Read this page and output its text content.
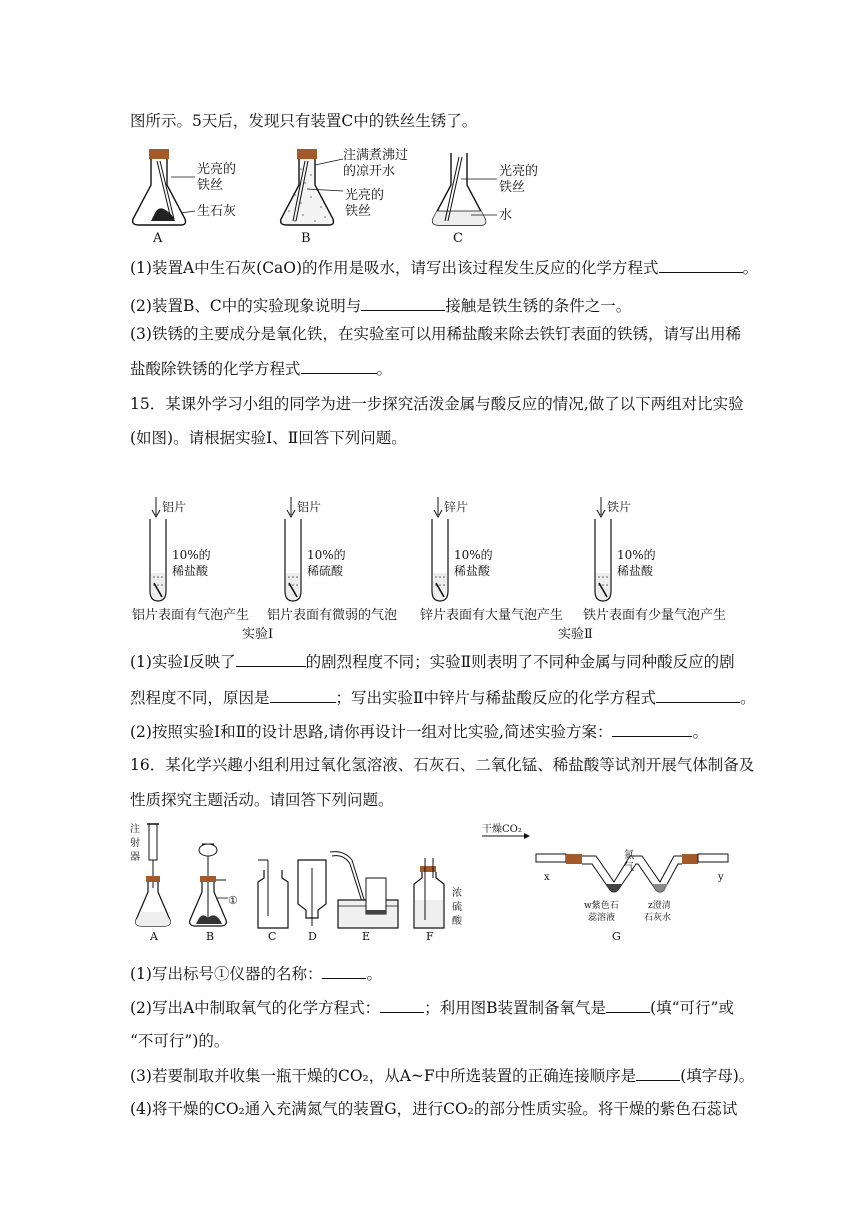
图所示。5天后，发现只有装置C中的铁丝生锈了。
光亮的
铁丝
生石灰
A
注满煮沸过
的凉开水
光亮的
铁丝
B
光亮的
铁丝
水
C
(1)装置A中生石灰(CaO)的作用是吸水，请写出该过程发生反应的化学方程式	。
(2)装置B、C中的实验现象说明与	接触是铁生锈的条件之一。
(3)铁锈的主要成分是氧化铁，在实验室可以用稀盐酸来除去铁钉表面的铁锈，请写出用稀
盐酸除铁锈的化学方程式	。
15．某课外学习小组的同学为进一步探究活泼金属与酸反应的情况,做了以下两组对比实验
(如图)。请根据实验Ⅰ、Ⅱ回答下列问题。
铝片
10%的
稀盐酸
铝片
10%的
稀硫酸
锌片
10%的
稀盐酸
铁片
10%的
稀盐酸
铝片表面有气泡产生 铝片表面有微弱的气泡 锌片表面有大量气泡产生 铁片表面有少量气泡产生
实验Ⅰ	实验Ⅱ
(1)实验Ⅰ反映了	的剧烈程度不同；实验Ⅱ则表明了不同种金属与同种酸反应的剧
烈程度不同，原因是	；写出实验Ⅱ中锌片与稀盐酸反应的化学方程式	。
(2)按照实验Ⅰ和Ⅱ的设计思路,请你再设计一组对比实验,简述实验方案：	。
16．某化学兴趣小组利用过氧化氢溶液、石灰石、二氧化锰、稀盐酸等试剂开展气体制备及
性质探究主题活动。请回答下列问题。
注
射
器
A
①
B	C	D	E
浓
硫
酸
F
干燥CO₂
氮
气
x	y
w紫色石
蕊溶液
z澄清
石灰水
G
(1)写出标号①仪器的名称：	。
(2)写出A中制取氧气的化学方程式：	；利用图B装置制备氧气是	(填“可行”或
“不可行”)的。
(3)若要制取并收集一瓶干燥的CO₂，从A~F中所选装置的正确连接顺序是	(填字母)。
(4)将干燥的CO₂通入充满氮气的装置G，进行CO₂的部分性质实验。将干燥的紫色石蕊试
